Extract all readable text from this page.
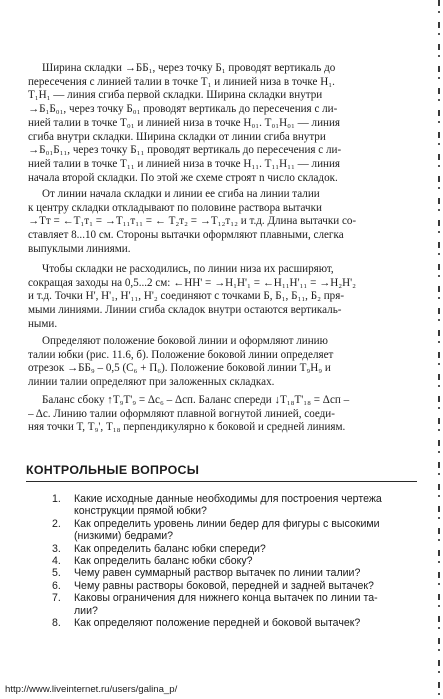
Ширина складки →ББ₁, через точку Б₁ проводят вертикаль до
пересечения с линией талии в точке Т₁ и линией низа в точке Н₁.
Т₁Н₁ — линия сгиба первой складки. Ширина складки внутри
→Б₁Б₀₁, через точку Б₀₁ проводят вертикаль до пересечения с ли-
нией талии в точке Т₀₁ и линией низа в точке Н₀₁. Т₀₁Н₀₁ — линия
сгиба внутри складки. Ширина складки от линии сгиба внутри
→Б₀₁Б₁₁, через точку Б₁₁ проводят вертикаль до пересечения с ли-
нией талии в точке Т₁₁ и линией низа в точке Н₁₁. Т₁₁Н₁₁ — линия
начала второй складки. По этой же схеме строят n число складок.

От линии начала складки и линии ее сгиба на линии талии
к центру складки откладывают по половине раствора вытачки
→Тт = ←Т₁т₁ = →Т₁₁т₁₁ = ← Т₂т₂ = →Т₁₂т₁₂ и т.д. Длина вытачки со-
ставляет 8...10 см. Стороны вытачки оформляют плавными, слегка
выпуклыми линиями.

Чтобы складки не расходились, по линии низа их расширяют,
сокращая заходы на 0,5...2 см: ←НН' = →Н₁Н'₁ = ←Н₁₁Н'₁₁ = →Н₂Н'₂
и т.д. Точки Н', Н'₁, Н'₁₁, Н'₂ соединяют с точками Б, Б₁, Б₁₁, Б₂ пря-
мыми линиями. Линии сгиба складок внутри остаются вертикаль-
ными.

Определяют положение боковой линии и оформляют линию
талии юбки (рис. 11.6, б). Положение боковой линии определяет
отрезок →ББ₉ – 0,5 (С₆ + П₆). Положение боковой линии Т₉Н₉ и
линии талии определяют при заложенных складках.

Баланс сбоку ↑Т₉Т'₉ = Δс₆ – Δсп. Баланс спереди ↓Т₁₈Т'₁₈ = Δсп –
– Δс. Линию талии оформляют плавной вогнутой линией, соеди-
няя точки Т, Т₉', Т₁₈ перпендикулярно к боковой и средней линиям.

КОНТРОЛЬНЫЕ ВОПРОСЫ
1. Какие исходные данные необходимы для построения чертежа
конструкции прямой юбки?
2. Как определить уровень линии бедер для фигуры с высокими
(низкими) бедрами?
3. Как определить баланс юбки спереди?
4. Как определить баланс юбки сбоку?
5. Чему равен суммарный раствор вытачек по линии талии?
6. Чему равны растворы боковой, передней и задней вытачек?
7. Каковы ограничения для нижнего конца вытачек по линии та-
лии?
8. Как определяют положение передней и боковой вытачек?
http://www.liveinternet.ru/users/galina_p/
